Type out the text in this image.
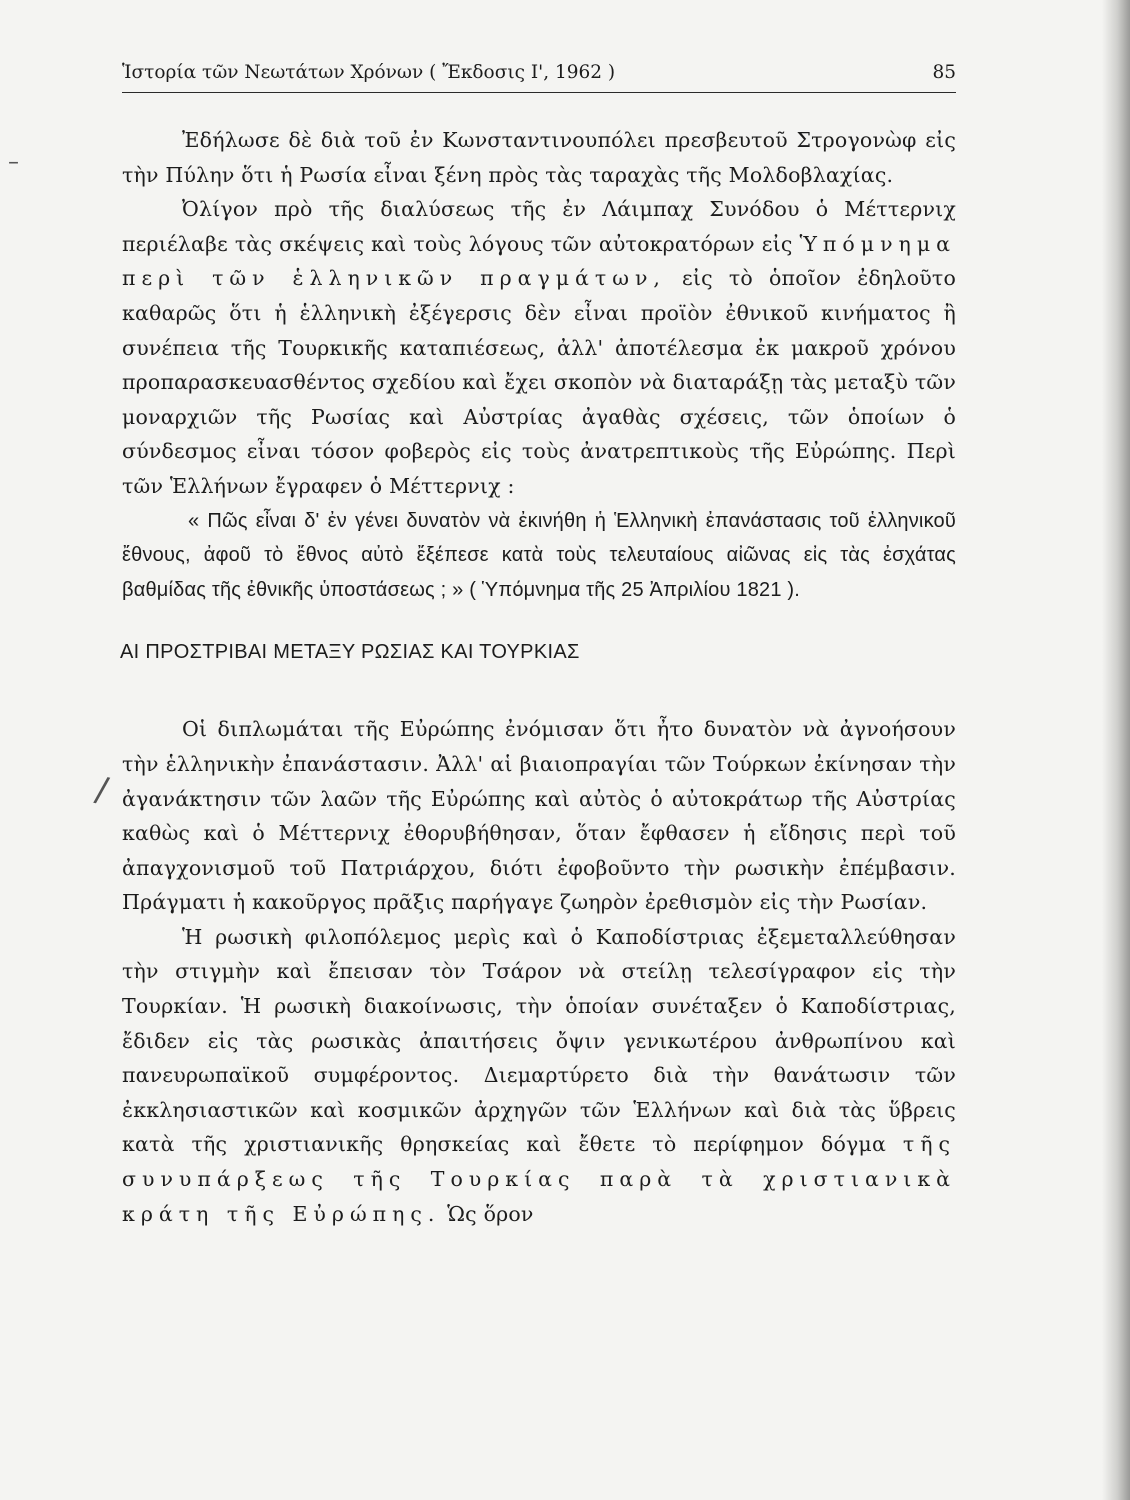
–
/
Ἱστορία τῶν Νεωτάτων Χρόνων ( Ἔκδοσις Ι', 1962 )	85

Ἐδήλωσε δὲ διὰ τοῦ ἐν Κωνσταντινουπόλει πρεσβευτοῦ Στρογονὼφ εἰς τὴν Πύλην ὅτι ἡ Ρωσία εἶναι ξένη πρὸς τὰς ταραχὰς τῆς Μολδοβλαχίας.

Ὀλίγον πρὸ τῆς διαλύσεως τῆς ἐν Λάιμπαχ Συνόδου ὁ Μέττερνιχ περιέλαβε τὰς σκέψεις καὶ τοὺς λόγους τῶν αὐτοκρατόρων εἰς Ὑπόμνημα περὶ τῶν ἑλληνικῶν πραγμάτων, εἰς τὸ ὁποῖον ἐδηλοῦτο καθαρῶς ὅτι ἡ ἑλληνικὴ ἐξέγερσις δὲν εἶναι προϊὸν ἐθνικοῦ κινήματος ἢ συνέπεια τῆς Τουρκικῆς καταπιέσεως, ἀλλ' ἀποτέλεσμα ἐκ μακροῦ χρόνου προπαρασκευασθέντος σχεδίου καὶ ἔχει σκοπὸν νὰ διαταράξῃ τὰς μεταξὺ τῶν μοναρχιῶν τῆς Ρωσίας καὶ Αὐστρίας ἀγαθὰς σχέσεις, τῶν ὁποίων ὁ σύνδεσμος εἶναι τόσον φοβερὸς εἰς τοὺς ἀνατρεπτικοὺς τῆς Εὐρώπης. Περὶ τῶν Ἑλλήνων ἔγραφεν ὁ Μέττερνιχ :

« Πῶς εἶναι δ' ἐν γένει δυνατὸν νὰ ἐκινήθη ἡ Ἑλληνικὴ ἐπανάστασις τοῦ ἑλληνικοῦ ἔθνους, ἀφοῦ τὸ ἔθνος αὐτὸ ἔξέπεσε κατὰ τοὺς τελευταίους αἰῶνας εἰς τὰς ἐσχάτας βαθμίδας τῆς ἐθνικῆς ὑποστάσεως ; » ( Ὑπόμνημα τῆς 25 Ἀπριλίου 1821 ).

ΑΙ ΠΡΟΣΤΡΙΒΑΙ ΜΕΤΑΞΥ ΡΩΣΙΑΣ ΚΑΙ ΤΟΥΡΚΙΑΣ

Οἱ διπλωμάται τῆς Εὐρώπης ἐνόμισαν ὅτι ἦτο δυνατὸν νὰ ἀγνοήσουν τὴν ἑλληνικὴν ἐπανάστασιν. Ἀλλ' αἱ βιαιοπραγίαι τῶν Τούρκων ἐκίνησαν τὴν ἀγανάκτησιν τῶν λαῶν τῆς Εὐρώπης καὶ αὐτὸς ὁ αὐτοκράτωρ τῆς Αὐστρίας καθὼς καὶ ὁ Μέττερνιχ ἐθορυβήθησαν, ὅταν ἔφθασεν ἡ εἴδησις περὶ τοῦ ἀπαγχονισμοῦ τοῦ Πατριάρχου, διότι ἐφοβοῦντο τὴν ρωσικὴν ἐπέμβασιν. Πράγματι ἡ κακοῦργος πρᾶξις παρήγαγε ζωηρὸν ἐρεθισμὸν εἰς τὴν Ρωσίαν.

Ἡ ρωσικὴ φιλοπόλεμος μερὶς καὶ ὁ Καποδίστριας ἐξεμεταλλεύθησαν τὴν στιγμὴν καὶ ἔπεισαν τὸν Τσάρον νὰ στείλῃ τελεσίγραφον εἰς τὴν Τουρκίαν. Ἡ ρωσικὴ διακοίνωσις, τὴν ὁποίαν συνέταξεν ὁ Καποδίστριας, ἔδιδεν εἰς τὰς ρωσικὰς ἀπαιτήσεις ὄψιν γενικωτέρου ἀνθρωπίνου καὶ πανευρωπαϊκοῦ συμφέροντος. Διεμαρτύρετο διὰ τὴν θανάτωσιν τῶν ἐκκλησιαστικῶν καὶ κοσμικῶν ἀρχηγῶν τῶν Ἑλλήνων καὶ διὰ τὰς ὕβρεις κατὰ τῆς χριστιανικῆς θρησκείας καὶ ἔθετε τὸ περίφημον δόγμα τῆς συνυπάρξεως τῆς Τουρκίας παρὰ τὰ χριστιανικὰ κράτη τῆς Εὐρώπης. Ὡς ὅρον
